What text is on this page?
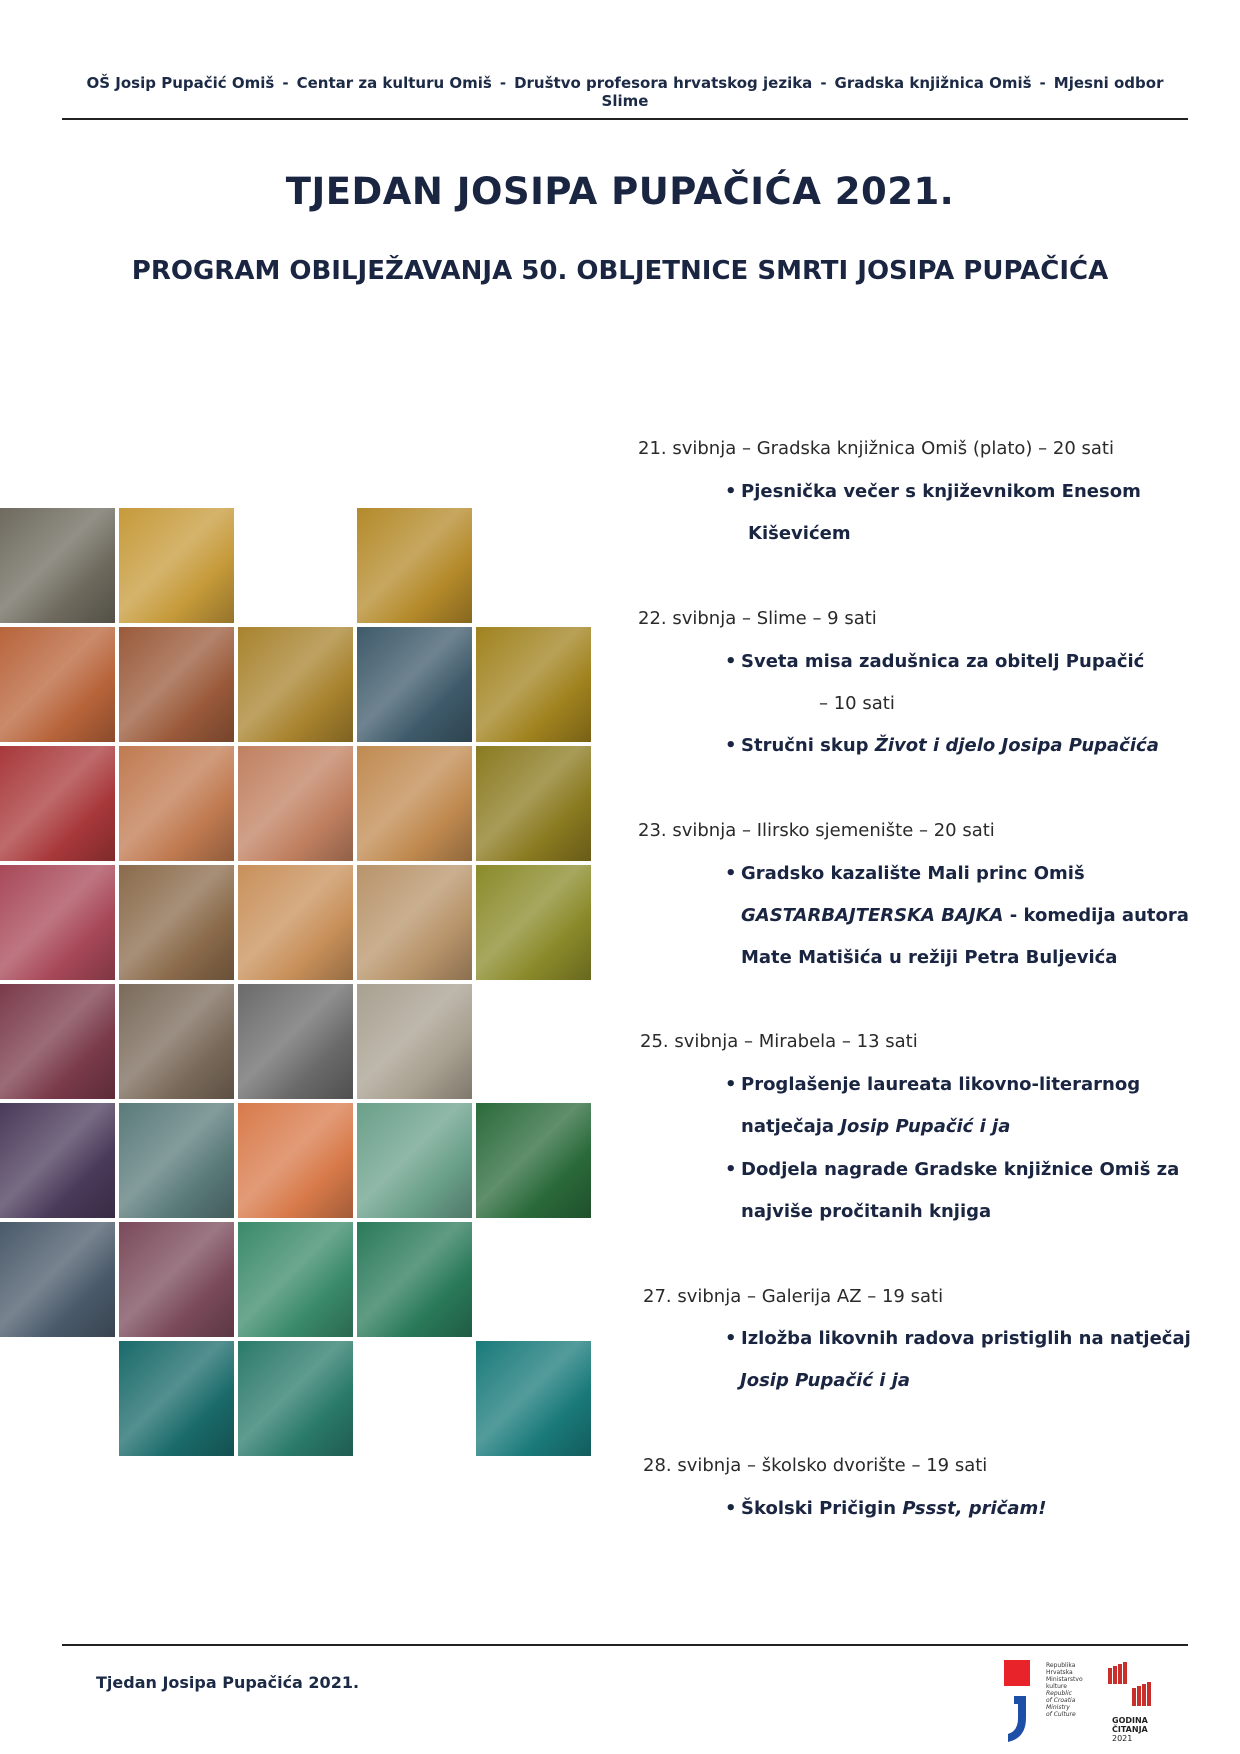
OŠ Josip Pupačić Omiš - Centar za kulturu Omiš - Društvo profesora hrvatskog jezika - Gradska knjižnica Omiš - Mjesni odbor Slime
TJEDAN JOSIPA PUPAČIĆA 2021.
PROGRAM OBILJEŽAVANJA 50. OBLJETNICE SMRTI JOSIPA PUPAČIĆA
21. svibnja – Gradska knjižnica Omiš (plato) – 20 sati
• Pjesnička večer s književnikom Enesom
Kiševićem
22. svibnja – Slime – 9 sati
• Sveta misa zadušnica za obitelj Pupačić
– 10 sati
• Stručni skup Život i djelo Josipa Pupačića
23. svibnja – Ilirsko sjemenište – 20 sati
• Gradsko kazalište Mali princ Omiš
GASTARBAJTERSKA BAJKA - komedija autora
Mate Matišića u režiji Petra Buljevića
25. svibnja – Mirabela – 13 sati
• Proglašenje laureata likovno-literarnog
natječaja Josip Pupačić i ja
• Dodjela nagrade Gradske knjižnice Omiš za
najviše pročitanih knjiga
27. svibnja – Galerija AZ – 19 sati
• Izložba likovnih radova pristiglih na natječaj
Josip Pupačić i ja
28. svibnja – školsko dvorište – 19 sati
• Školski Pričigin Pssst, pričam!
Tjedan Josipa Pupačića 2021.
Republika
Hrvatska
Ministarstvo
kulture
Republic
of Croatia
Ministry
of Culture
GODINA
ČITANJA
2021
